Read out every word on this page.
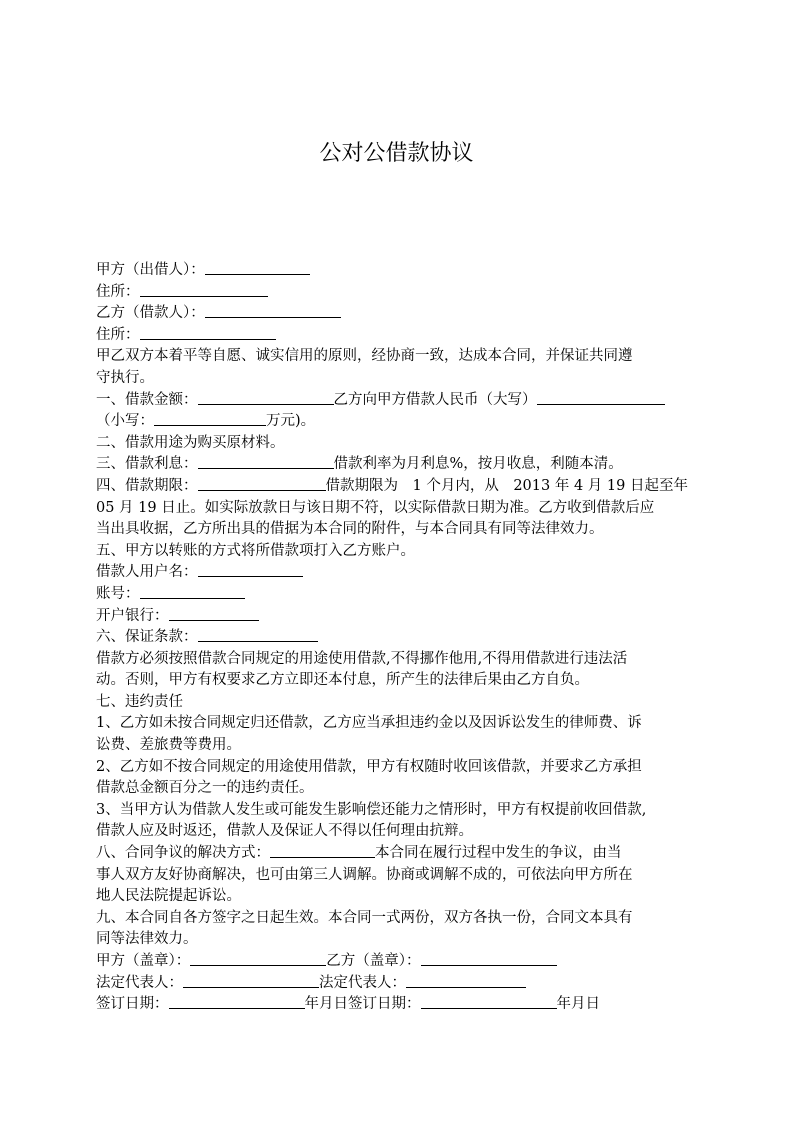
公对公借款协议
甲方（出借人）：
住所：
乙方（借款人）：
住所：
甲乙双方本着平等自愿、诚实信用的原则，经协商一致，达成本合同，并保证共同遵
守执行。
一、借款金额：	乙方向甲方借款人民币（大写）
（小写：	万元)。
二、借款用途为购买原材料。
三、借款利息：	借款利率为月利息%，按月收息，利随本清。
四、借款期限：	借款期限为　1 个月内，从　2013 年 4 月 19 日起至年
05 月 19 日止。如实际放款日与该日期不符，以实际借款日期为准。乙方收到借款后应
当出具收据，乙方所出具的借据为本合同的附件，与本合同具有同等法律效力。
五、甲方以转账的方式将所借款项打入乙方账户。
借款人用户名：
账号：
开户银行：
六、保证条款：
借款方必须按照借款合同规定的用途使用借款,不得挪作他用,不得用借款进行违法活
动。否则，甲方有权要求乙方立即还本付息，所产生的法律后果由乙方自负。
七、违约责任
1、乙方如未按合同规定归还借款，乙方应当承担违约金以及因诉讼发生的律师费、诉
讼费、差旅费等费用。
2、乙方如不按合同规定的用途使用借款，甲方有权随时收回该借款，并要求乙方承担
借款总金额百分之一的违约责任。
3、当甲方认为借款人发生或可能发生影响偿还能力之情形时，甲方有权提前收回借款,
借款人应及时返还，借款人及保证人不得以任何理由抗辩。
八、合同争议的解决方式：	本合同在履行过程中发生的争议，由当
事人双方友好协商解决，也可由第三人调解。协商或调解不成的，可依法向甲方所在
地人民法院提起诉讼。
九、本合同自各方签字之日起生效。本合同一式两份，双方各执一份，合同文本具有
同等法律效力。
甲方（盖章）：	乙方（盖章）：
法定代表人：	法定代表人：
签订日期：	年月日签订日期：	年月日
